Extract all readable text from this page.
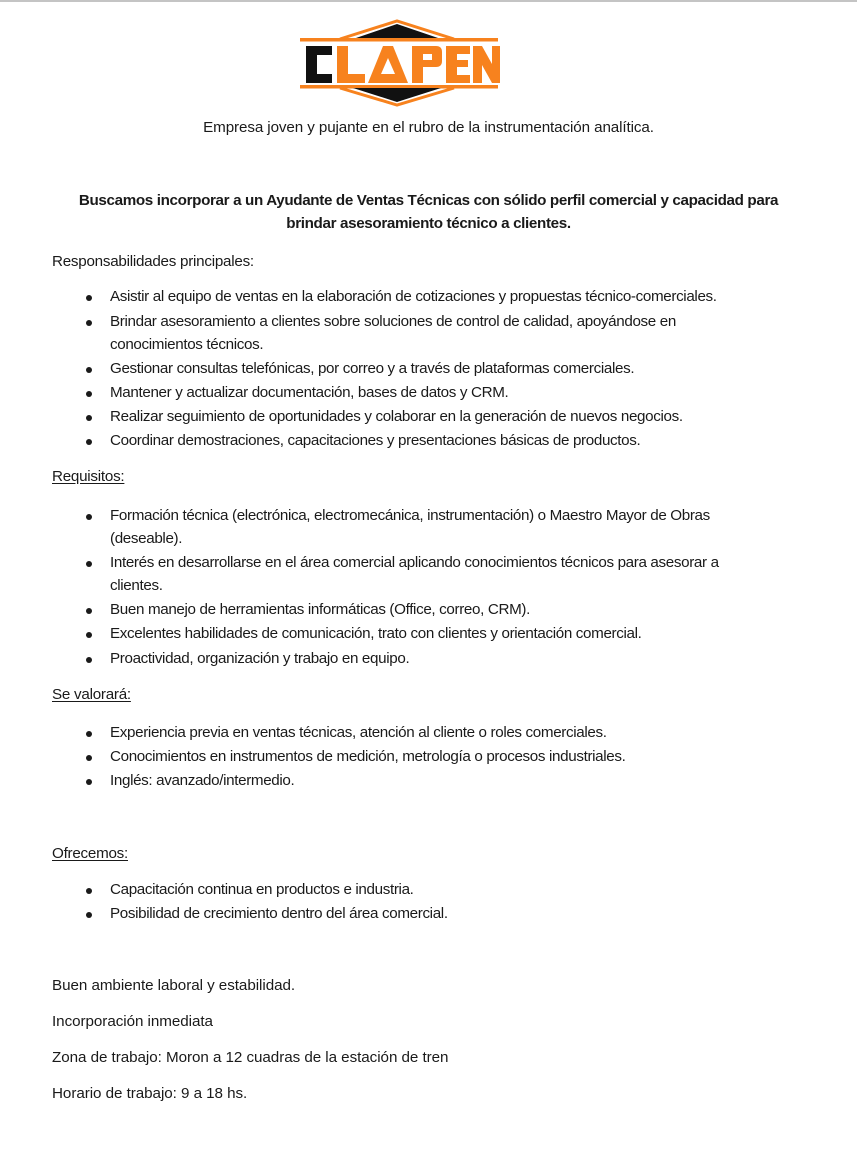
Empresa joven y pujante en el rubro de la instrumentación analítica.
Buscamos incorporar a un Ayudante de Ventas Técnicas con sólido perfil comercial y capacidad para
brindar asesoramiento técnico a clientes.
Responsabilidades principales:
Asistir al equipo de ventas en la elaboración de cotizaciones y propuestas técnico-comerciales.
Brindar asesoramiento a clientes sobre soluciones de control de calidad, apoyándose en
conocimientos técnicos.
Gestionar consultas telefónicas, por correo y a través de plataformas comerciales.
Mantener y actualizar documentación, bases de datos y CRM.
Realizar seguimiento de oportunidades y colaborar en la generación de nuevos negocios.
Coordinar demostraciones, capacitaciones y presentaciones básicas de productos.
Requisitos:
Formación técnica (electrónica, electromecánica, instrumentación) o Maestro Mayor de Obras
(deseable).
Interés en desarrollarse en el área comercial aplicando conocimientos técnicos para asesorar a
clientes.
Buen manejo de herramientas informáticas (Office, correo, CRM).
Excelentes habilidades de comunicación, trato con clientes y orientación comercial.
Proactividad, organización y trabajo en equipo.
Se valorará:
Experiencia previa en ventas técnicas, atención al cliente o roles comerciales.
Conocimientos en instrumentos de medición, metrología o procesos industriales.
Inglés: avanzado/intermedio.
Ofrecemos:
Capacitación continua en productos e industria.
Posibilidad de crecimiento dentro del área comercial.
Buen ambiente laboral y estabilidad.
Incorporación inmediata
Zona de trabajo: Moron a 12 cuadras de la estación de tren
Horario de trabajo: 9 a 18 hs.
